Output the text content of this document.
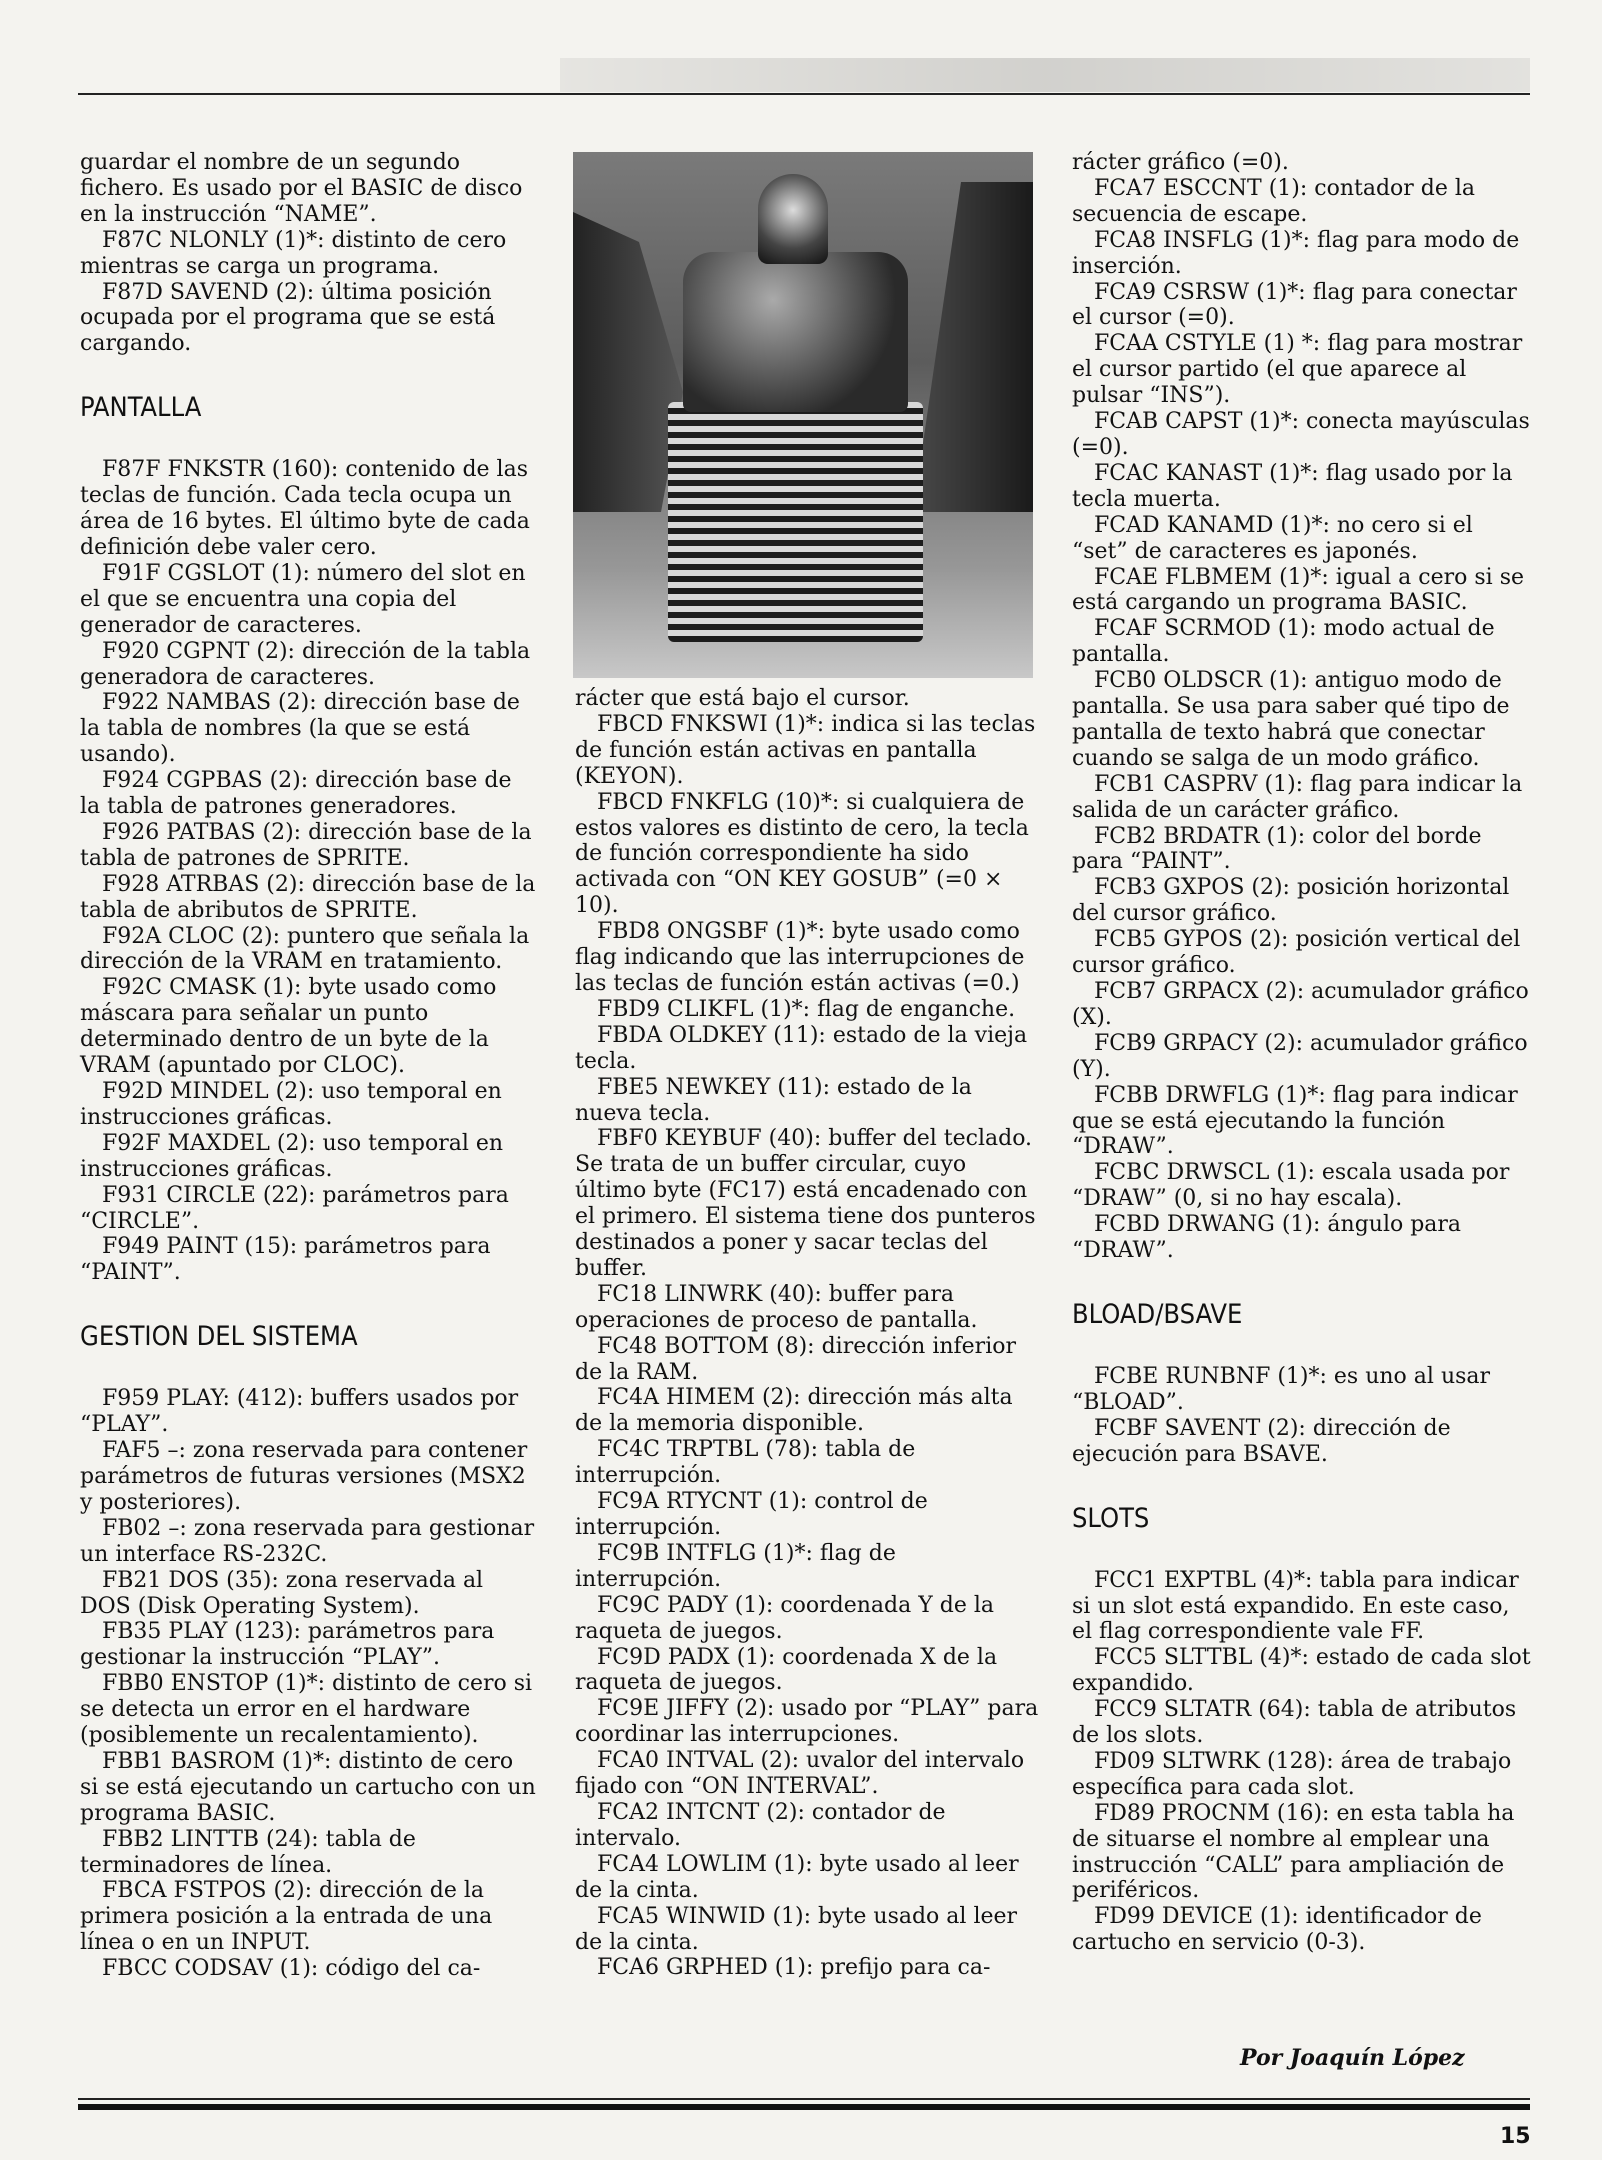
guardar el nombre de un segundo fichero. Es usado por el BASIC de disco en la instrucción “NAME”.

F87C NLONLY (1)*: distinto de cero mientras se carga un programa.

F87D SAVEND (2): última posición ocupada por el programa que se está cargando.

PANTALLA

F87F FNKSTR (160): contenido de las teclas de función. Cada tecla ocupa un área de 16 bytes. El último byte de cada definición debe valer cero.

F91F CGSLOT (1): número del slot en el que se encuentra una copia del generador de caracteres.

F920 CGPNT (2): dirección de la tabla generadora de caracteres.

F922 NAMBAS (2): dirección base de la tabla de nombres (la que se está usando).

F924 CGPBAS (2): dirección base de la tabla de patrones generadores.

F926 PATBAS (2): dirección base de la tabla de patrones de SPRITE.

F928 ATRBAS (2): dirección base de la tabla de abributos de SPRITE.

F92A CLOC (2): puntero que señala la dirección de la VRAM en tratamiento.

F92C CMASK (1): byte usado como máscara para señalar un punto determinado dentro de un byte de la VRAM (apuntado por CLOC).

F92D MINDEL (2): uso temporal en instrucciones gráficas.

F92F MAXDEL (2): uso temporal en instrucciones gráficas.

F931 CIRCLE (22): parámetros para “CIRCLE”.

F949 PAINT (15): parámetros para “PAINT”.

GESTION DEL SISTEMA

F959 PLAY: (412): buffers usados por “PLAY”.

FAF5 –: zona reservada para contener parámetros de futuras versiones (MSX2 y posteriores).

FB02 –: zona reservada para gestionar un interface RS-232C.

FB21 DOS (35): zona reservada al DOS (Disk Operating System).

FB35 PLAY (123): parámetros para gestionar la instrucción “PLAY”.

FBB0 ENSTOP (1)*: distinto de cero si se detecta un error en el hardware (posiblemente un recalentamiento).

FBB1 BASROM (1)*: distinto de cero si se está ejecutando un cartucho con un programa BASIC.

FBB2 LINTTB (24): tabla de terminadores de línea.

FBCA FSTPOS (2): dirección de la primera posición a la entrada de una línea o en un INPUT.

FBCC CODSAV (1): código del ca-

rácter que está bajo el cursor.

FBCD FNKSWI (1)*: indica si las teclas de función están activas en pantalla (KEYON).

FBCD FNKFLG (10)*: si cualquiera de estos valores es distinto de cero, la tecla de función correspondiente ha sido activada con “ON KEY GOSUB” (=0 × 10).

FBD8 ONGSBF (1)*: byte usado como flag indicando que las interrupciones de las teclas de función están activas (=0.)

FBD9 CLIKFL (1)*: flag de enganche.

FBDA OLDKEY (11): estado de la vieja tecla.

FBE5 NEWKEY (11): estado de la nueva tecla.

FBF0 KEYBUF (40): buffer del teclado. Se trata de un buffer circular, cuyo último byte (FC17) está encadenado con el primero. El sistema tiene dos punteros destinados a poner y sacar teclas del buffer.

FC18 LINWRK (40): buffer para operaciones de proceso de pantalla.

FC48 BOTTOM (8): dirección inferior de la RAM.

FC4A HIMEM (2): dirección más alta de la memoria disponible.

FC4C TRPTBL (78): tabla de interrupción.

FC9A RTYCNT (1): control de interrupción.

FC9B INTFLG (1)*: flag de interrupción.

FC9C PADY (1): coordenada Y de la raqueta de juegos.

FC9D PADX (1): coordenada X de la raqueta de juegos.

FC9E JIFFY (2): usado por “PLAY” para coordinar las interrupciones.

FCA0 INTVAL (2): uvalor del intervalo fijado con “ON INTERVAL”.

FCA2 INTCNT (2): contador de intervalo.

FCA4 LOWLIM (1): byte usado al leer de la cinta.

FCA5 WINWID (1): byte usado al leer de la cinta.

FCA6 GRPHED (1): prefijo para ca-

rácter gráfico (=0).

FCA7 ESCCNT (1): contador de la secuencia de escape.

FCA8 INSFLG (1)*: flag para modo de inserción.

FCA9 CSRSW (1)*: flag para conectar el cursor (=0).

FCAA CSTYLE (1) *: flag para mostrar el cursor partido (el que aparece al pulsar “INS”).

FCAB CAPST (1)*: conecta mayúsculas (=0).

FCAC KANAST (1)*: flag usado por la tecla muerta.

FCAD KANAMD (1)*: no cero si el “set” de caracteres es japonés.

FCAE FLBMEM (1)*: igual a cero si se está cargando un programa BASIC.

FCAF SCRMOD (1): modo actual de pantalla.

FCB0 OLDSCR (1): antiguo modo de pantalla. Se usa para saber qué tipo de pantalla de texto habrá que conectar cuando se salga de un modo gráfico.

FCB1 CASPRV (1): flag para indicar la salida de un carácter gráfico.

FCB2 BRDATR (1): color del borde para “PAINT”.

FCB3 GXPOS (2): posición horizontal del cursor gráfico.

FCB5 GYPOS (2): posición vertical del cursor gráfico.

FCB7 GRPACX (2): acumulador gráfico (X).

FCB9 GRPACY (2): acumulador gráfico (Y).

FCBB DRWFLG (1)*: flag para indicar que se está ejecutando la función “DRAW”.

FCBC DRWSCL (1): escala usada por “DRAW” (0, si no hay escala).

FCBD DRWANG (1): ángulo para “DRAW”.

BLOAD/BSAVE

FCBE RUNBNF (1)*: es uno al usar “BLOAD”.

FCBF SAVENT (2): dirección de ejecución para BSAVE.

SLOTS

FCC1 EXPTBL (4)*: tabla para indicar si un slot está expandido. En este caso, el flag correspondiente vale FF.

FCC5 SLTTBL (4)*: estado de cada slot expandido.

FCC9 SLTATR (64): tabla de atributos de los slots.

FD09 SLTWRK (128): área de trabajo específica para cada slot.

FD89 PROCNM (16): en esta tabla ha de situarse el nombre al emplear una instrucción “CALL” para ampliación de periféricos.

FD99 DEVICE (1): identificador de cartucho en servicio (0-3).

Por Joaquín López
15
